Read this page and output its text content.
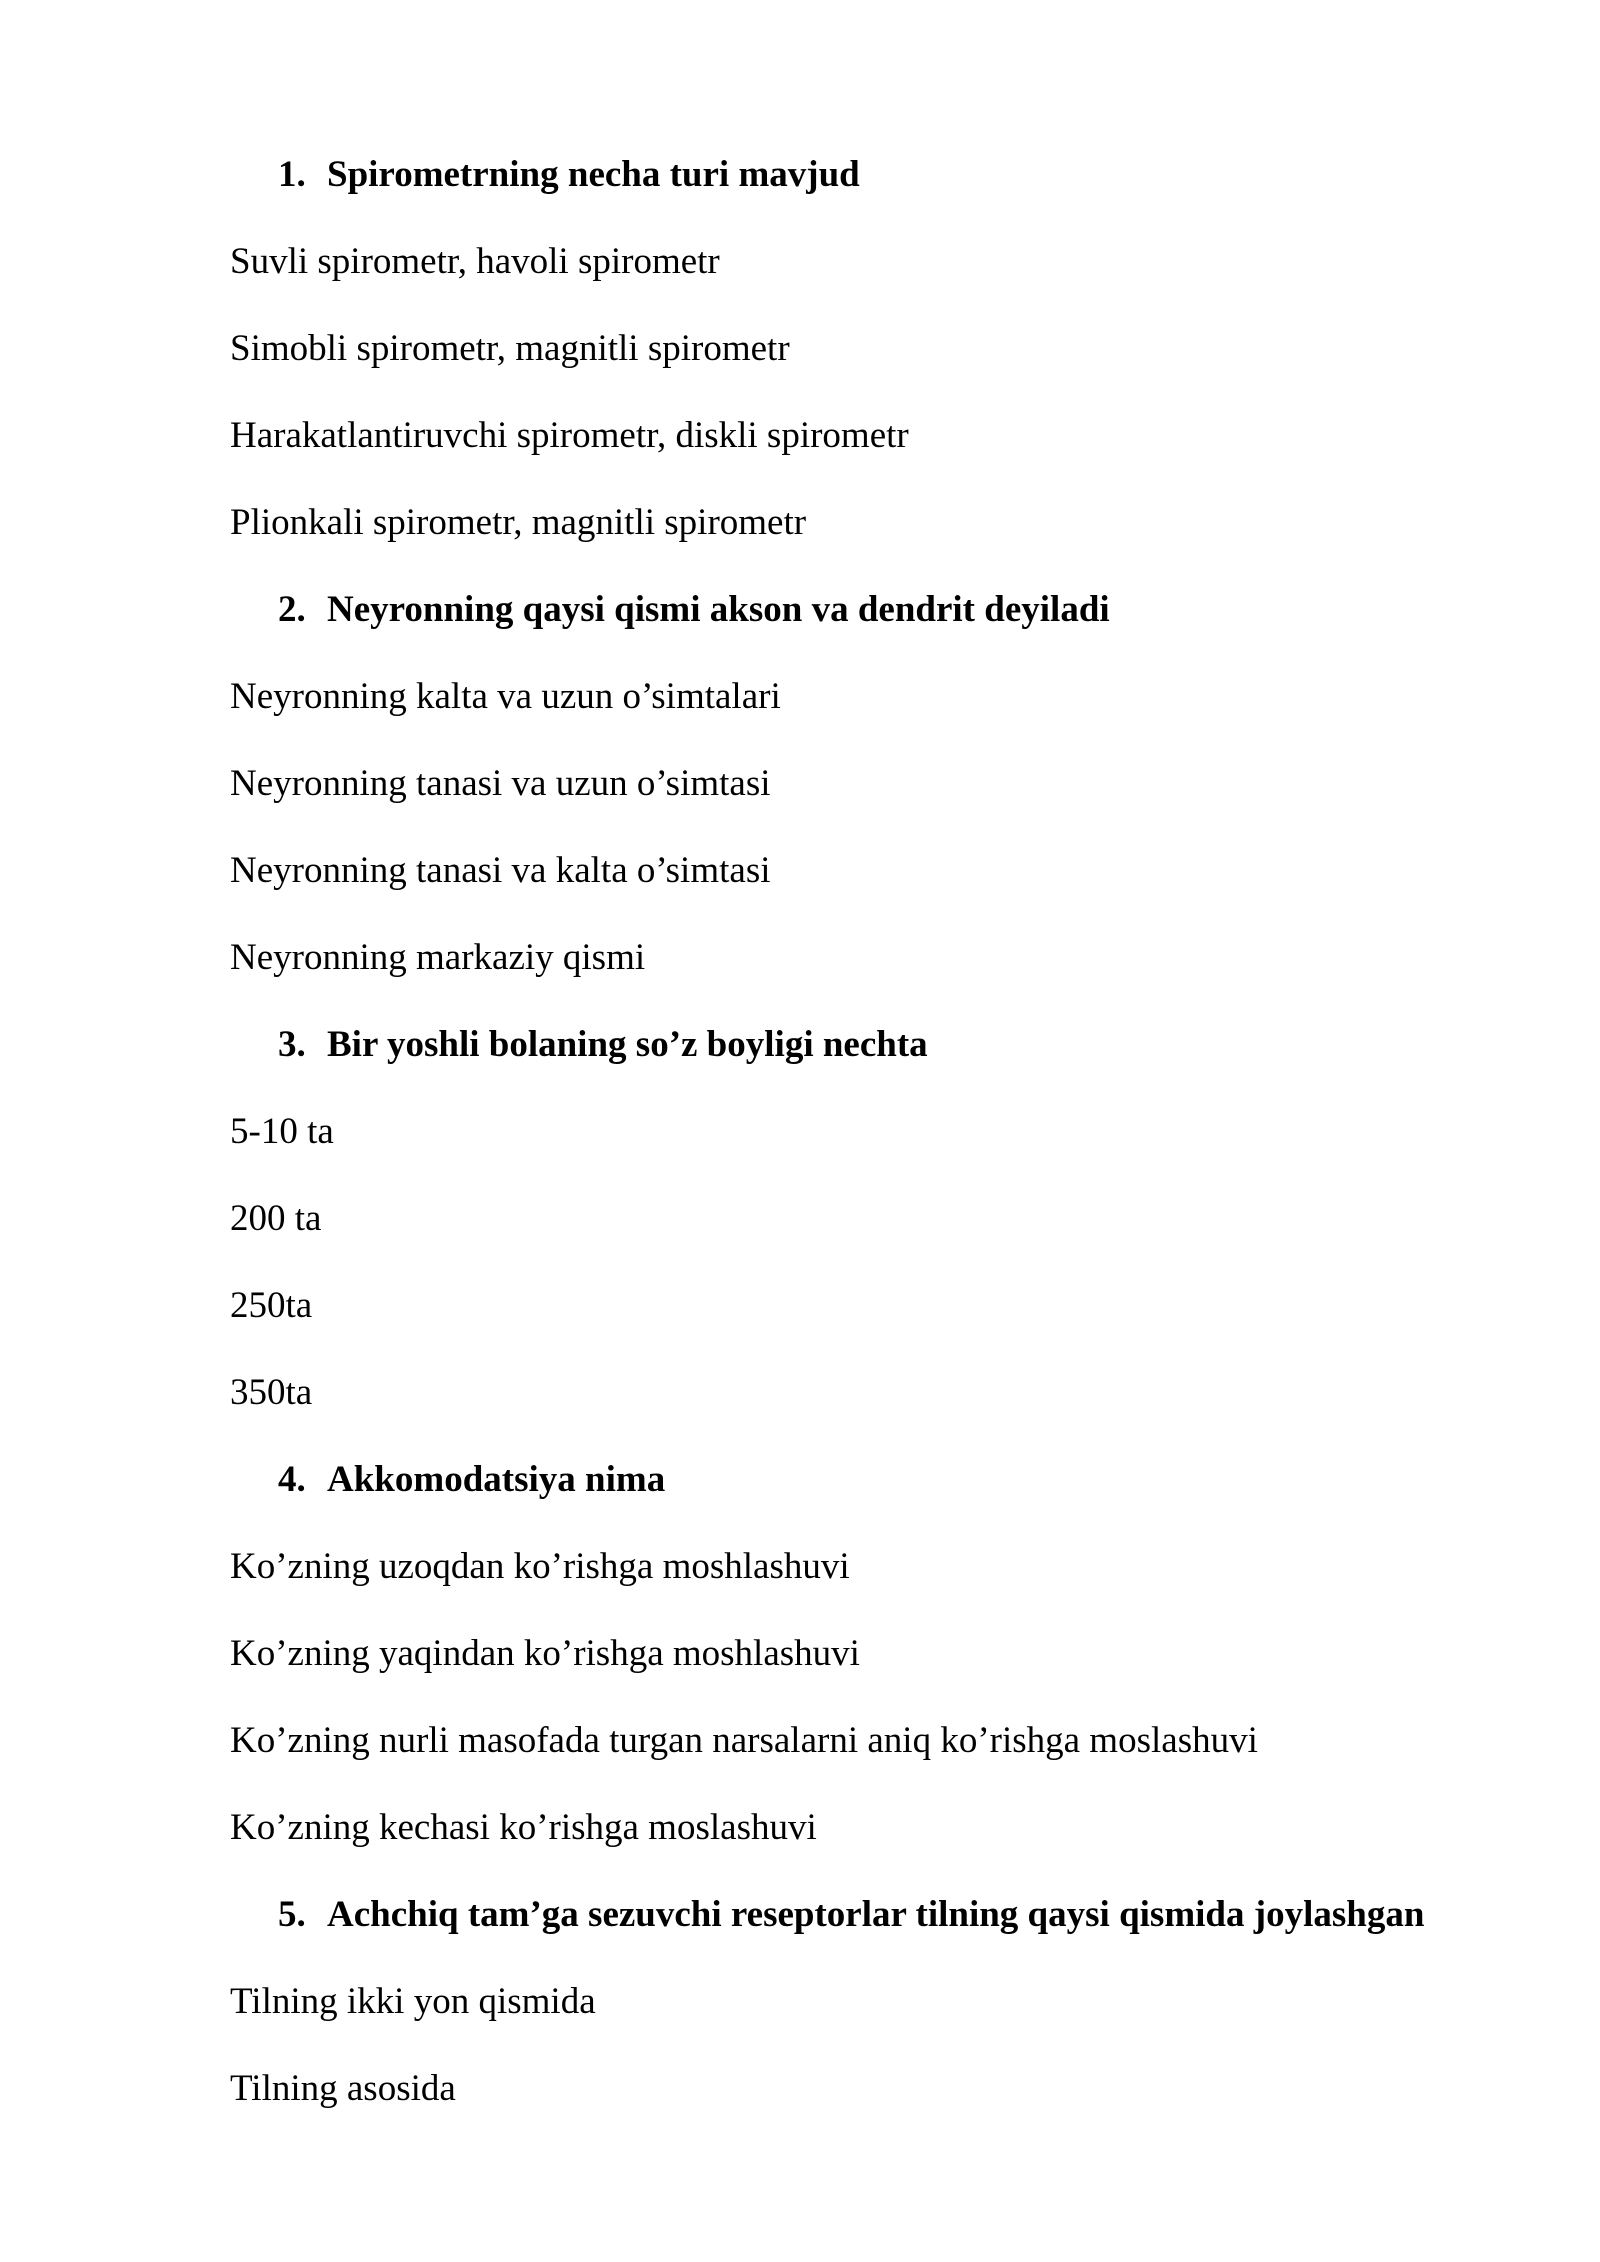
1. Spirometrning necha turi mavjud
Suvli spirometr, havoli spirometr
Simobli spirometr, magnitli spirometr
Harakatlantiruvchi spirometr, diskli spirometr
Plionkali spirometr, magnitli spirometr
2. Neyronning qaysi qismi akson va dendrit deyiladi
Neyronning kalta va uzun o’simtalari
Neyronning tanasi va uzun o’simtasi
Neyronning tanasi va kalta o’simtasi
Neyronning markaziy qismi
3. Bir yoshli bolaning so’z boyligi nechta
5-10 ta
200 ta
250ta
350ta
4. Akkomodatsiya nima
Ko’zning uzoqdan ko’rishga moshlashuvi
Ko’zning yaqindan ko’rishga moshlashuvi
Ko’zning nurli masofada turgan narsalarni aniq ko’rishga moslashuvi
Ko’zning kechasi ko’rishga moslashuvi
5. Achchiq tam’ga sezuvchi reseptorlar tilning qaysi qismida joylashgan
Tilning ikki yon qismida
Tilning asosida
